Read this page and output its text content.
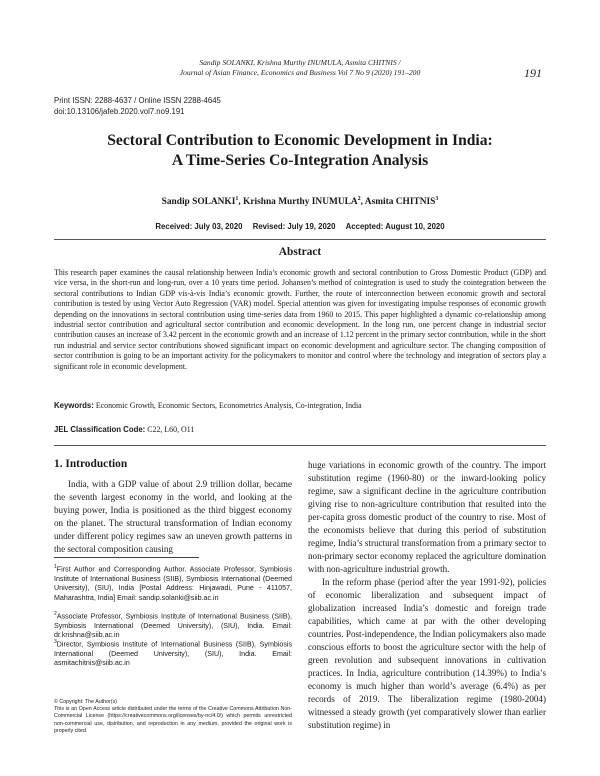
Sandip SOLANKI, Krishna Murthy INUMULA, Asmita CHITNIS /
Journal of Asian Finance, Economics and Business Vol 7 No 9 (2020) 191–200	191
Print ISSN: 2288-4637 / Online ISSN 2288-4645
doi:10.13106/jafeb.2020.vol7.no9.191
Sectoral Contribution to Economic Development in India:
A Time-Series Co-Integration Analysis
Sandip SOLANKI$^1$, Krishna Murthy INUMULA$^2$, Asmita CHITNIS$^3$
Received: July 03, 2020 Revised: July 19, 2020 Accepted: August 10, 2020
Abstract
This research paper examines the causal relationship between India’s economic growth and sectoral contribution to Gross Domestic Product (GDP) and vice versa, in the short-run and long-run, over a 10 years time period. Johansen’s method of cointegration is used to study the cointegration between the sectoral contributions to Indian GDP vis-à-vis India’s economic growth. Further, the route of interconnection between economic growth and sectoral contribution is tested by using Vector Auto Regression (VAR) model. Special attention was given for investigating impulse responses of economic growth depending on the innovations in sectoral contribution using time-series data from 1960 to 2015. This paper highlighted a dynamic co-relationship among industrial sector contribution and agricultural sector contribution and economic development. In the long run, one percent change in industrial sector contribution causes an increase of 3.42 percent in the economic growth and an increase of 1.12 percent in the primary sector contribution, while in the short run industrial and service sector contributions showed significant impact on economic development and agriculture sector. The changing composition of sector contribution is going to be an important activity for the policymakers to monitor and control where the technology and integration of sectors play a significant role in economic development.
Keywords: Economic Growth, Economic Sectors, Econometrics Analysis, Co-integration, India
JEL Classification Code: C22, L60, O11
1. Introduction

India, with a GDP value of about 2.9 trillion dollar, became the seventh largest economy in the world, and looking at the buying power, India is positioned as the third biggest economy on the planet. The structural transformation of Indian economy under different policy regimes saw an uneven growth patterns in the sectoral composition causing

$^1$First Author and Corresponding Author. Associate Professor, Symbiosis Institute of International Business (SIIB), Symbiosis International (Deemed University), (SIU), India [Postal Address: Hinjawadi, Pune - 411057, Maharashtra, India] Email: sandip.solanki@siib.ac.in
$^2$Associate Professor, Symbiosis Institute of International Business (SIIB), Symbiosis International (Deemed University), (SIU), India. Email: dr.krishna@siib.ac.in
$^3$Director, Symbiosis Institute of International Business (SIIB), Symbiosis International (Deemed University), (SIU), India. Email: asmitachitnis@siib.ac.in
© Copyright: The Author(s)
This is an Open Access article distributed under the terms of the Creative Commons Attribution Non-Commercial License (https://creativecommons.org/licenses/by-nc/4.0/) which permits unrestricted non-commercial use, distribution, and reproduction in any medium, provided the original work is properly cited.

huge variations in economic growth of the country. The import substitution regime (1960-80) or the inward-looking policy regime, saw a significant decline in the agriculture contribution giving rise to non-agriculture contribution that resulted into the per-capita gross domestic product of the country to rise. Most of the economists believe that during this period of substitution regime, India’s structural transformation from a primary sector to non-primary sector economy replaced the agriculture domination with non-agriculture industrial growth.

In the reform phase (period after the year 1991-92), policies of economic liberalization and subsequent impact of globalization increased India’s domestic and foreign trade capabilities, which came at par with the other developing countries. Post-independence, the Indian policymakers also made conscious efforts to boost the agriculture sector with the help of green revolution and subsequent innovations in cultivation practices. In India, agriculture contribution (14.39%) to India’s economy is much higher than world’s average (6.4%) as per records of 2019. The liberalization regime (1980-2004) witnessed a steady growth (yet comparatively slower than earlier substitution regime) in
